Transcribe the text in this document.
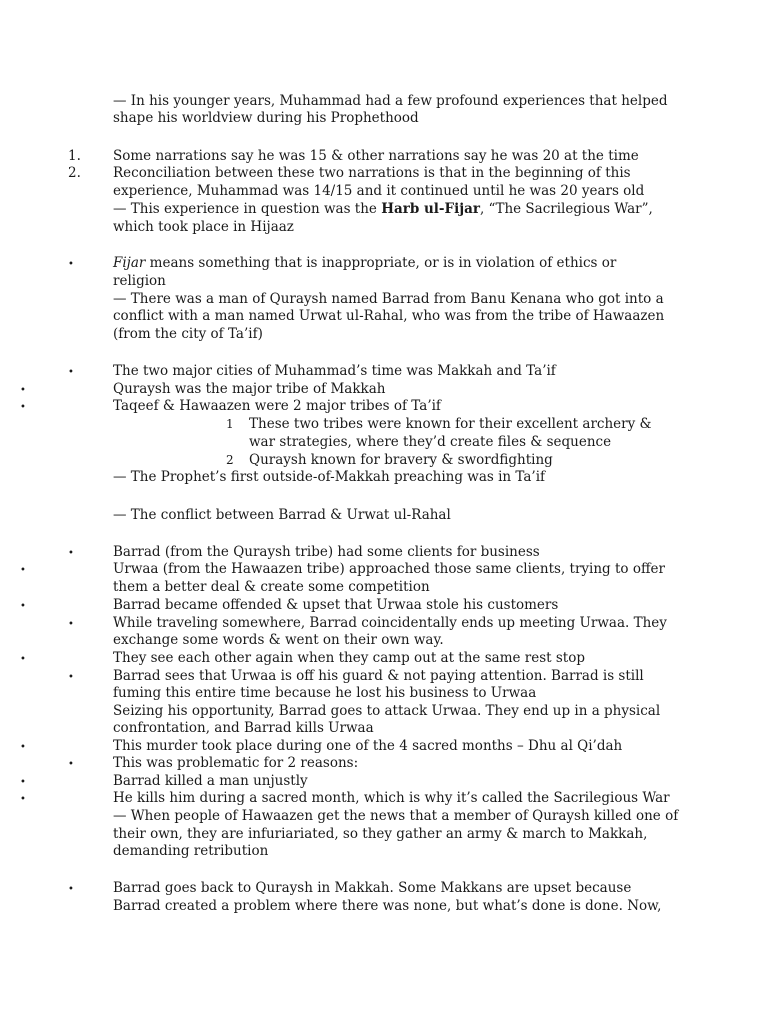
— In his younger years, Muhammad had a few profound experiences that helped
shape his worldview during his Prophethood
1. Some narrations say he was 15 & other narrations say he was 20 at the time
2. Reconciliation between these two narrations is that in the beginning of this
experience, Muhammad was 14/15 and it continued until he was 20 years old
— This experience in question was the Harb ul-Fijar, “The Sacrilegious War”,
which took place in Hijaaz
•	Fijar means something that is inappropriate, or is in violation of ethics or
religion
— There was a man of Quraysh named Barrad from Banu Kenana who got into a
conflict with a man named Urwat ul-Rahal, who was from the tribe of Hawaazen
(from the city of Ta’if)
•	The two major cities of Muhammad’s time was Makkah and Ta’if
•	Quraysh was the major tribe of Makkah
•	Taqeef & Hawaazen were 2 major tribes of Ta’if
1 These two tribes were known for their excellent archery &
war strategies, where they’d create files & sequence
2 Quraysh known for bravery & swordfighting
— The Prophet’s first outside-of-Makkah preaching was in Ta’if
— The conflict between Barrad & Urwat ul-Rahal
•	Barrad (from the Quraysh tribe) had some clients for business
•	Urwaa (from the Hawaazen tribe) approached those same clients, trying to offer
them a better deal & create some competition
•	Barrad became offended & upset that Urwaa stole his customers
•	While traveling somewhere, Barrad coincidentally ends up meeting Urwaa. They
exchange some words & went on their own way.
•	They see each other again when they camp out at the same rest stop
•	Barrad sees that Urwaa is off his guard & not paying attention. Barrad is still
fuming this entire time because he lost his business to Urwaa
Seizing his opportunity, Barrad goes to attack Urwaa. They end up in a physical
confrontation, and Barrad kills Urwaa
•	This murder took place during one of the 4 sacred months – Dhu al Qi’dah
•	This was problematic for 2 reasons:
•	Barrad killed a man unjustly
•	He kills him during a sacred month, which is why it’s called the Sacrilegious War
— When people of Hawaazen get the news that a member of Quraysh killed one of
their own, they are infuriariated, so they gather an army & march to Makkah,
demanding retribution
•	Barrad goes back to Quraysh in Makkah. Some Makkans are upset because
Barrad created a problem where there was none, but what’s done is done. Now,
